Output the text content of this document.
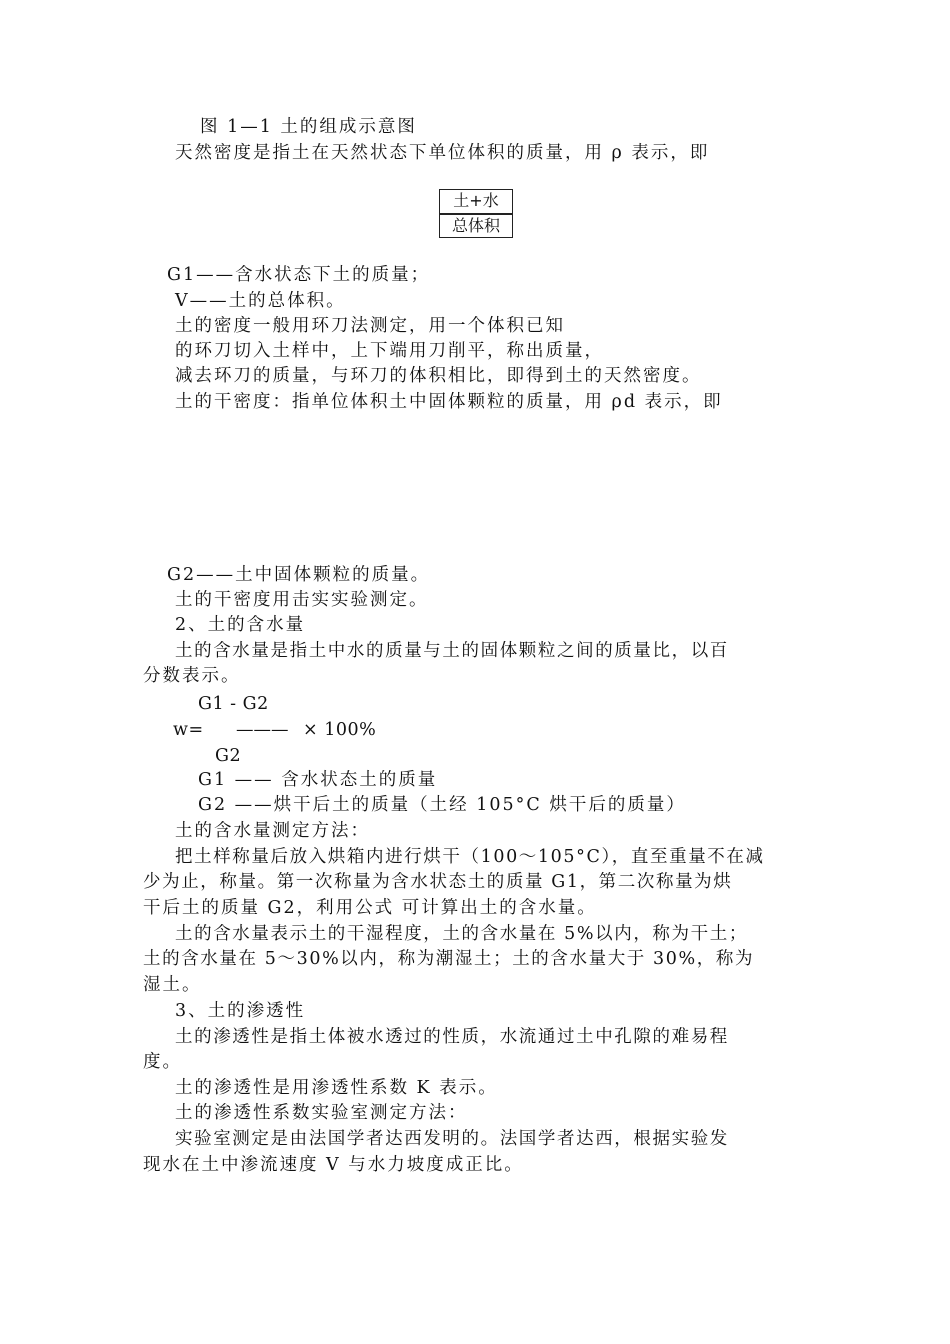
图 1—1 土的组成示意图
天然密度是指土在天然状态下单位体积的质量，用 ρ 表示，即
土+水
总体积
G1——含水状态下土的质量；
V——土的总体积。
土的密度一般用环刀法测定，用一个体积已知
的环刀切入土样中，上下端用刀削平，称出质量，
减去环刀的质量，与环刀的体积相比，即得到土的天然密度。
土的干密度：指单位体积土中固体颗粒的质量，用 ρd 表示，即
G2——土中固体颗粒的质量。
土的干密度用击实实验测定。
2、土的含水量
土的含水量是指土中水的质量与土的固体颗粒之间的质量比，以百
分数表示。
G1 - G2
w= ——— × 100%
G2
G1 —— 含水状态土的质量
G2 ——烘干后土的质量（土经 105°C 烘干后的质量）
土的含水量测定方法：
把土样称量后放入烘箱内进行烘干（100～105°C），直至重量不在减
少为止，称量。第一次称量为含水状态土的质量 G1，第二次称量为烘
干后土的质量 G2，利用公式 可计算出土的含水量。
土的含水量表示土的干湿程度，土的含水量在 5%以内，称为干土；
土的含水量在 5～30%以内，称为潮湿土；土的含水量大于 30%，称为
湿土。
3、土的渗透性
土的渗透性是指土体被水透过的性质，水流通过土中孔隙的难易程
度。
土的渗透性是用渗透性系数 K 表示。
土的渗透性系数实验室测定方法：
实验室测定是由法国学者达西发明的。法国学者达西，根据实验发
现水在土中渗流速度 V 与水力坡度成正比。
